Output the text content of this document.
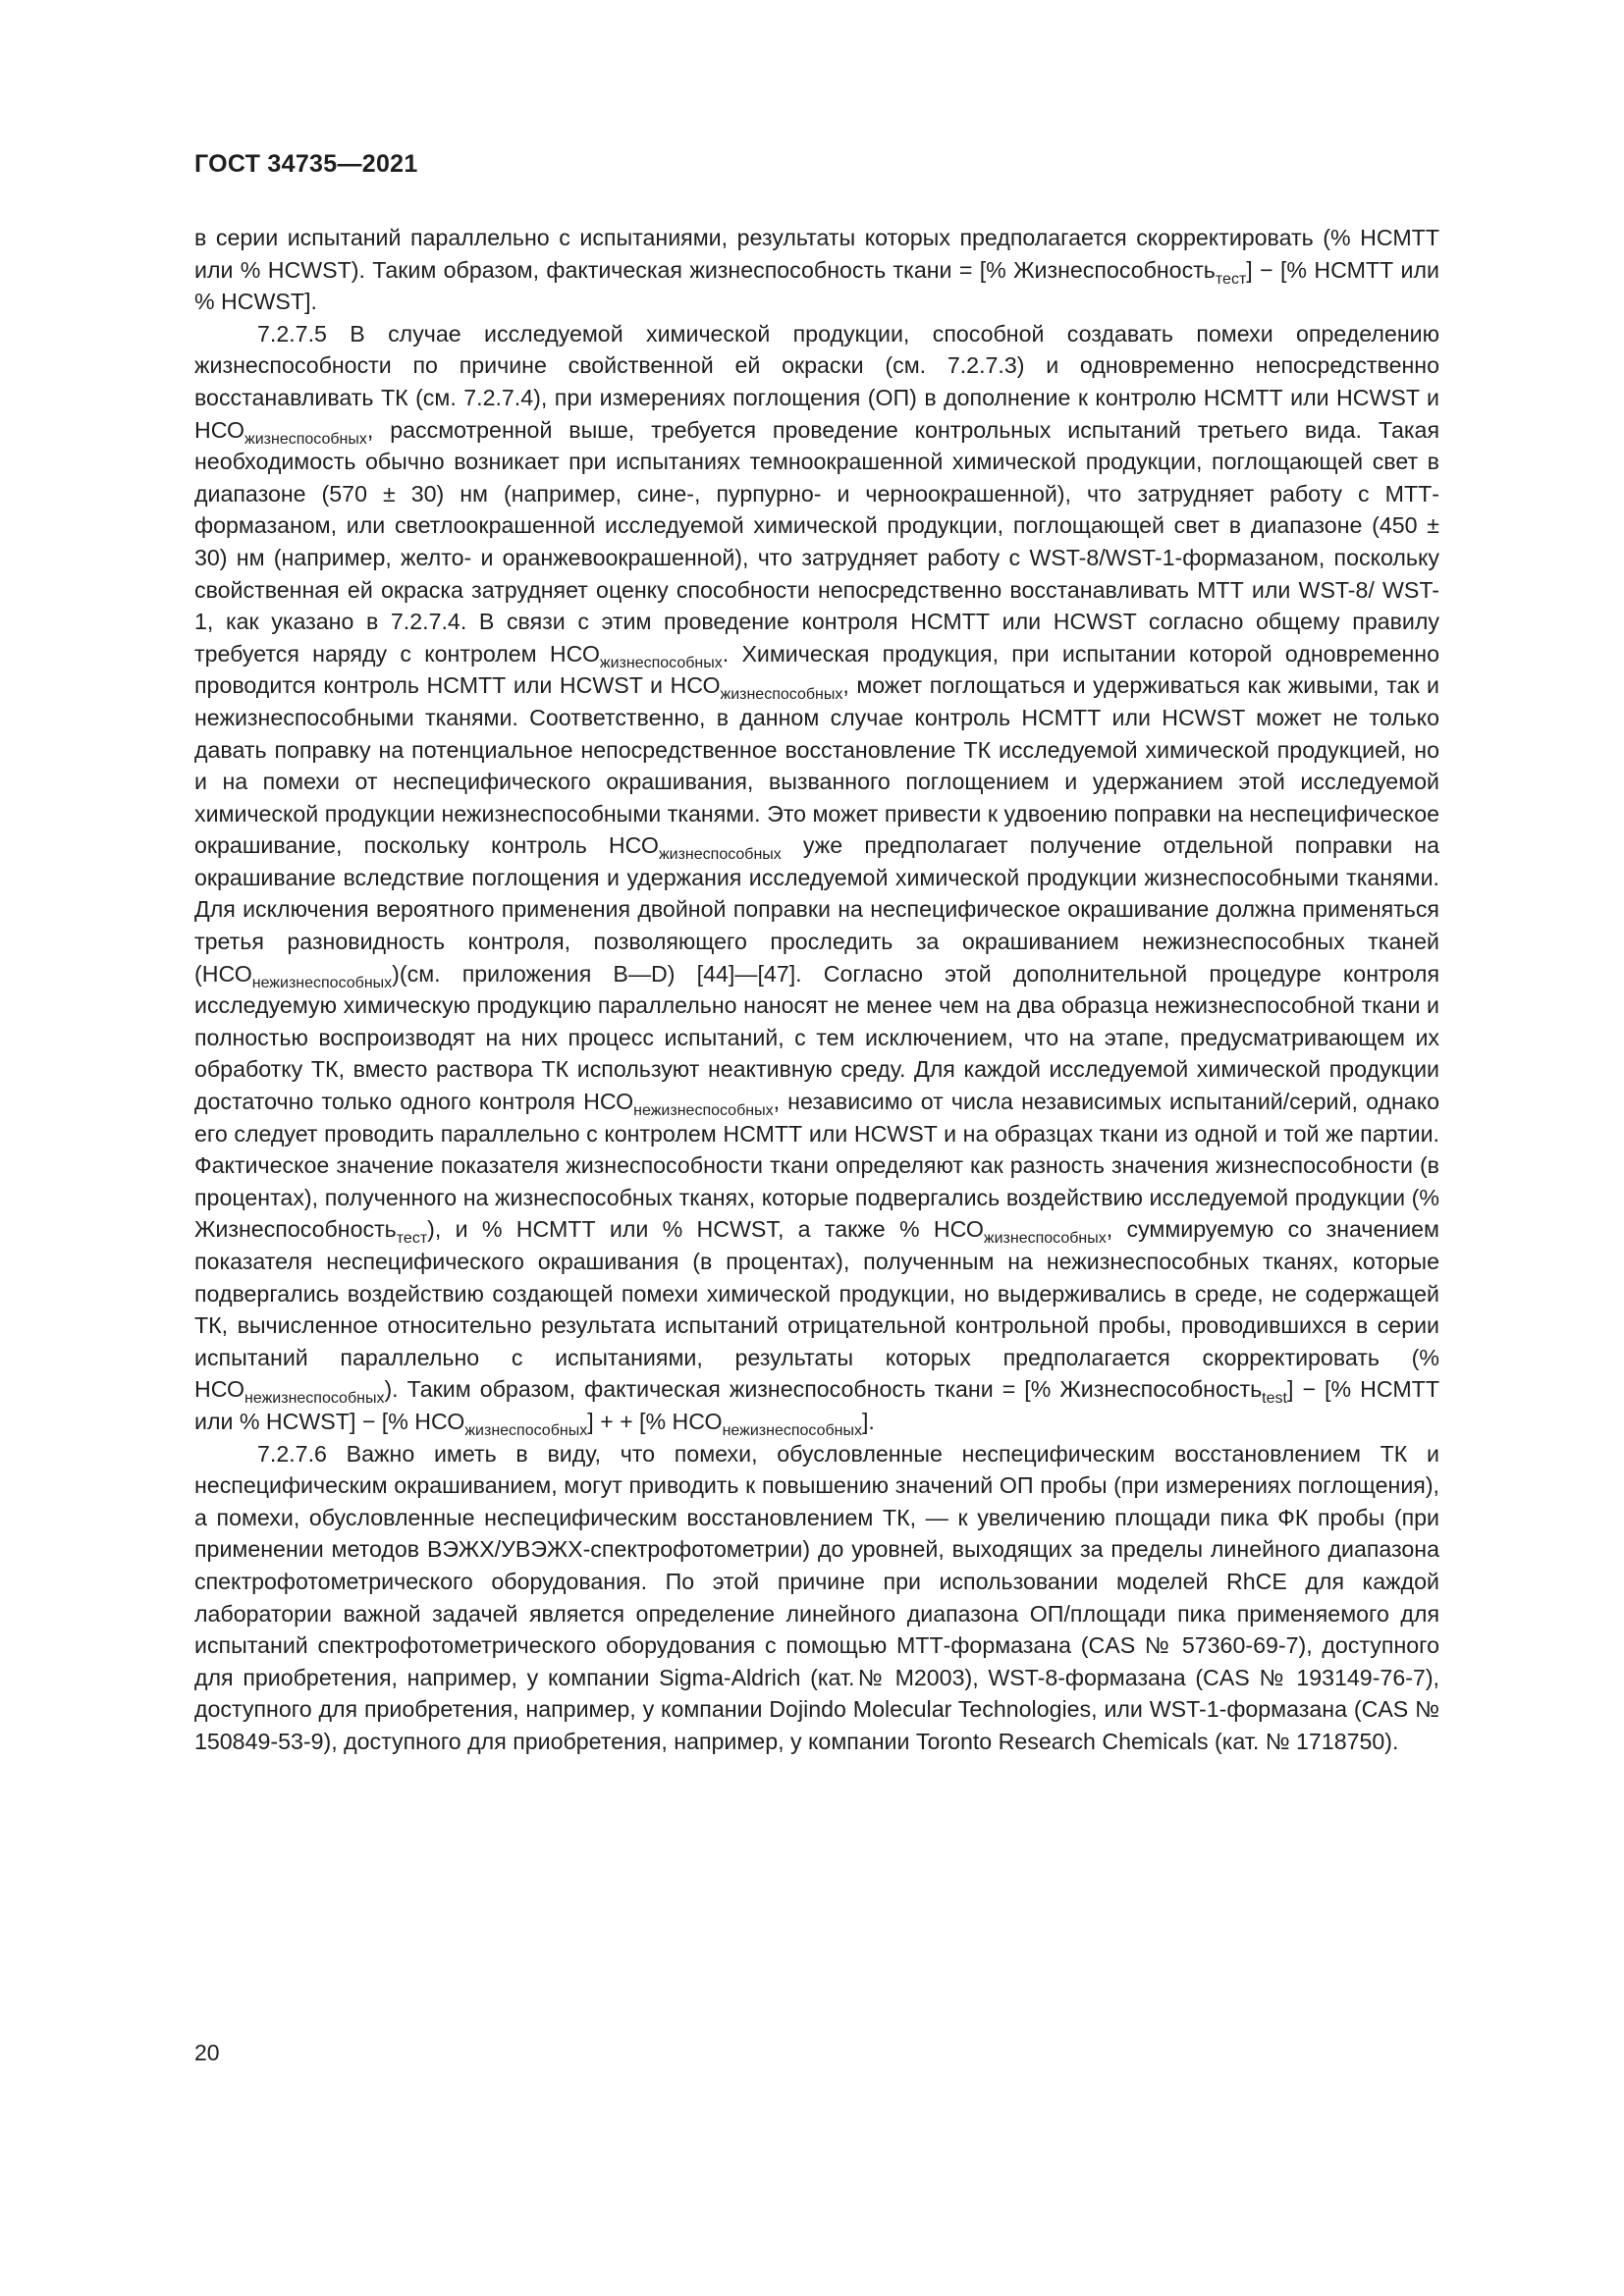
ГОСТ 34735—2021

в серии испытаний параллельно с испытаниями, результаты которых предполагается скорректировать (% НСМТТ или % HCWST). Таким образом, фактическая жизнеспособность ткани = [% Жизнеспособность$_{тест}$] − [% НСМТТ или % HCWST].

7.2.7.5 В случае исследуемой химической продукции, способной создавать помехи определению жизнеспособности по причине свойственной ей окраски (см. 7.2.7.3) и одновременно непосредственно восстанавливать ТК (см. 7.2.7.4), при измерениях поглощения (ОП) в дополнение к контролю НСМТТ или HCWST и $НСО_{жизнеспособных}$, рассмотренной выше, требуется проведение контрольных испытаний третьего вида. Такая необходимость обычно возникает при испытаниях темноокрашенной химической продукции, поглощающей свет в диапазоне (570 ± 30) нм (например, сине-, пурпурно- и черноокрашенной), что затрудняет работу с МТТ-формазаном, или светлоокрашенной исследуемой химической продукции, поглощающей свет в диапазоне (450 ± 30) нм (например, желто- и оранжевоокрашенной), что затрудняет работу с WST-8/WST-1-формазаном, поскольку свойственная ей окраска затрудняет оценку способности непосредственно восстанавливать МТТ или WST-8/ WST-1, как указано в 7.2.7.4. В связи с этим проведение контроля НСМТТ или HCWST согласно общему правилу требуется наряду с контролем $НСО_{жизнеспособных}$. Химическая продукция, при испытании которой одновременно проводится контроль НСМТТ или HCWST и $НСО_{жизнеспособных}$, может поглощаться и удерживаться как живыми, так и нежизнеспособными тканями. Соответственно, в данном случае контроль НСМТТ или HCWST может не только давать поправку на потенциальное непосредственное восстановление ТК исследуемой химической продукцией, но и на помехи от неспецифического окрашивания, вызванного поглощением и удержанием этой исследуемой химической продукции нежизнеспособными тканями. Это может привести к удвоению поправки на неспецифическое окрашивание, поскольку контроль $НСО_{жизнеспособных}$ уже предполагает получение отдельной поправки на окрашивание вследствие поглощения и удержания исследуемой химической продукции жизнеспособными тканями. Для исключения вероятного применения двойной поправки на неспецифическое окрашивание должна применяться третья разновидность контроля, позволяющего проследить за окрашиванием нежизнеспособных тканей $(НСО_{нежизнеспособных})(см$. приложения В—D) [44]—[47]. Согласно этой дополнительной процедуре контроля исследуемую химическую продукцию параллельно наносят не менее чем на два образца нежизнеспособной ткани и полностью воспроизводят на них процесс испытаний, с тем исключением, что на этапе, предусматривающем их обработку ТК, вместо раствора ТК используют неактивную среду. Для каждой исследуемой химической продукции достаточно только одного контроля $НСО_{нежизнеспособных}$, независимо от числа независимых испытаний/серий, однако его следует проводить параллельно с контролем НСМТТ или HCWST и на образцах ткани из одной и той же партии. Фактическое значение показателя жизнеспособности ткани определяют как разность значения жизнеспособности (в процентах), полученного на жизнеспособных тканях, которые подвергались воздействию исследуемой продукции (% Жизнеспособность$_{тест}$), и % НСМТТ или % HCWST, а также % $НСО_{жизнеспособных}$, суммируемую со значением показателя неспецифического окрашивания (в процентах), полученным на нежизнеспособных тканях, которые подвергались воздействию создающей помехи химической продукции, но выдерживались в среде, не содержащей ТК, вычисленное относительно результата испытаний отрицательной контрольной пробы, проводившихся в серии испытаний параллельно с испытаниями, результаты которых предполагается скорректировать (% $НСО_{нежизнеспособных}$). Таким образом, фактическая жизнеспособность ткани = [% Жизнеспособность$_{test}$] − [% НСМТТ или % HCWST] − [% $НСО_{жизнеспособных}$] + + [% $НСО_{нежизнеспособных}$].

7.2.7.6 Важно иметь в виду, что помехи, обусловленные неспецифическим восстановлением ТК и неспецифическим окрашиванием, могут приводить к повышению значений ОП пробы (при измерениях поглощения), а помехи, обусловленные неспецифическим восстановлением ТК, — к увеличению площади пика ФК пробы (при применении методов ВЭЖХ/УВЭЖХ-спектрофотометрии) до уровней, выходящих за пределы линейного диапазона спектрофотометрического оборудования. По этой причине при использовании моделей RhCE для каждой лаборатории важной задачей является определение линейного диапазона ОП/площади пика применяемого для испытаний спектрофотометрического оборудования с помощью МТТ-формазана (CAS № 57360-69-7), доступного для приобретения, например, у компании Sigma-Aldrich (кат.№ M2003), WST-8-формазана (CAS № 193149-76-7), доступного для приобретения, например, у компании Dojindo Molecular Technologies, или WST-1-формазана (CAS № 150849-53-9), доступного для приобретения, например, у компании Toronto Research Chemicals (кат. № 1718750).

20
